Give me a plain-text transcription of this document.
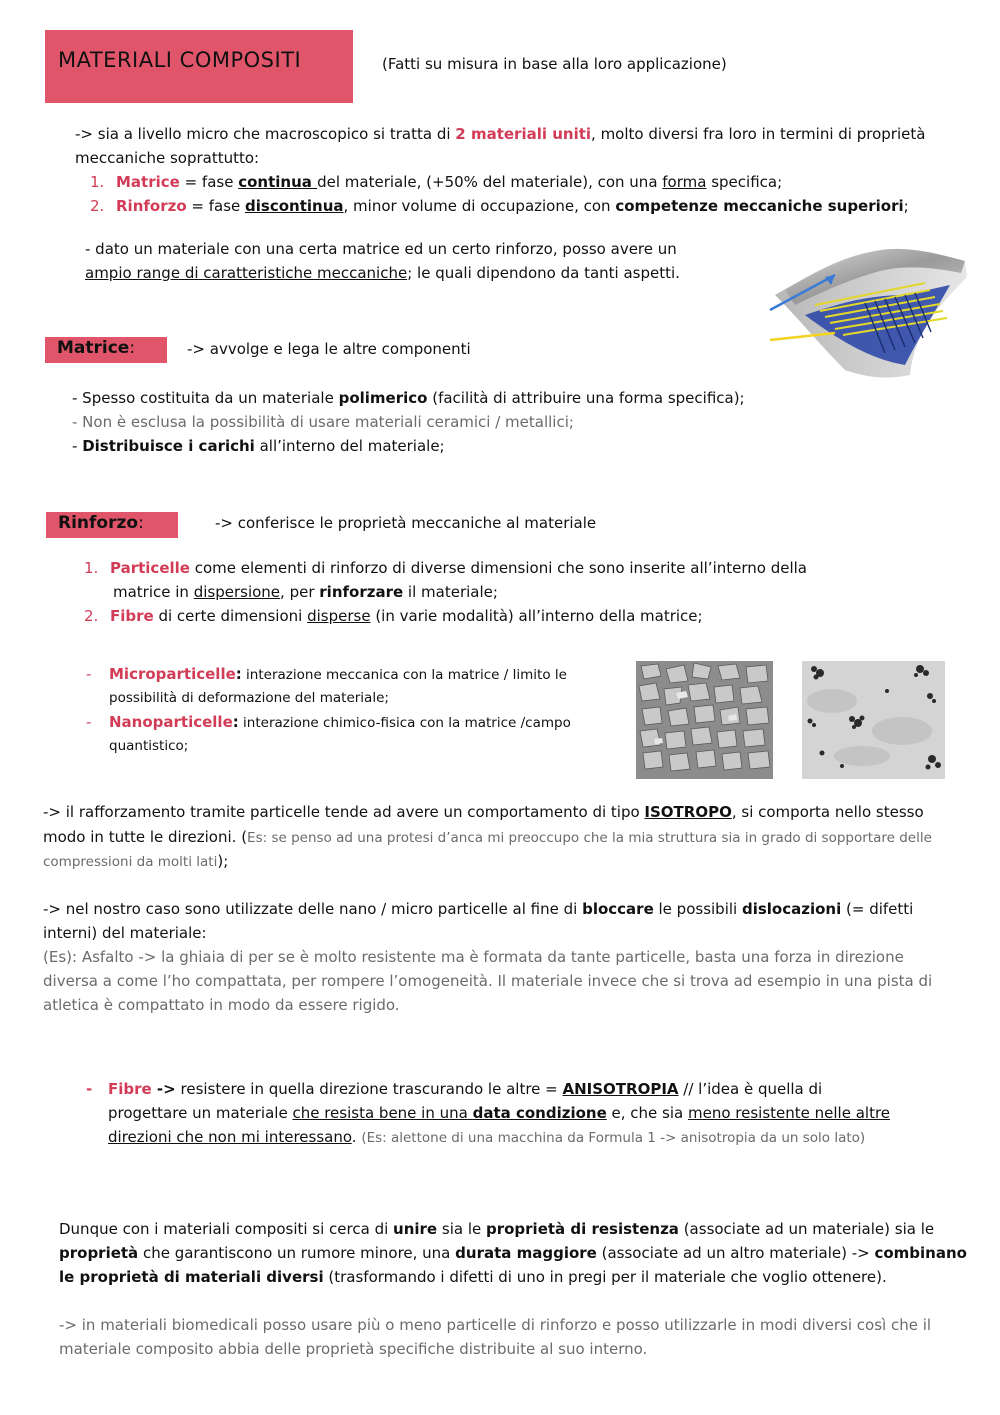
MATERIALI COMPOSITI	(Fatti su misura in base alla loro applicazione)
-> sia a livello micro che macroscopico si tratta di 2 materiali uniti, molto diversi fra loro in termini di proprietà
meccaniche soprattutto:
1. Matrice = fase continua del materiale, (+50% del materiale), con una forma specifica;
2. Rinforzo = fase discontinua, minor volume di occupazione, con competenze meccaniche superiori;
- dato un materiale con una certa matrice ed un certo rinforzo, posso avere un
ampio range di caratteristiche meccaniche; le quali dipendono da tanti aspetti.
Matrice:	-> avvolge e lega le altre componenti
- Spesso costituita da un materiale polimerico (facilità di attribuire una forma specifica);
- Non è esclusa la possibilità di usare materiali ceramici / metallici;
- Distribuisce i carichi all’interno del materiale;
Rinforzo:	-> conferisce le proprietà meccaniche al materiale
1. Particelle come elementi di rinforzo di diverse dimensioni che sono inserite all’interno della
matrice in dispersione, per rinforzare il materiale;
2. Fibre di certe dimensioni disperse (in varie modalità) all’interno della matrice;
- Microparticelle: interazione meccanica con la matrice / limito le
possibilità di deformazione del materiale;
- Nanoparticelle: interazione chimico-fisica con la matrice /campo
quantistico;
-> il rafforzamento tramite particelle tende ad avere un comportamento di tipo ISOTROPO, si comporta nello stesso
modo in tutte le direzioni. (Es: se penso ad una protesi d’anca mi preoccupo che la mia struttura sia in grado di sopportare delle
compressioni da molti lati);
-> nel nostro caso sono utilizzate delle nano / micro particelle al fine di bloccare le possibili dislocazioni (= difetti
interni) del materiale:
(Es): Asfalto -> la ghiaia di per se è molto resistente ma è formata da tante particelle, basta una forza in direzione
diversa a come l’ho compattata, per rompere l’omogeneità. Il materiale invece che si trova ad esempio in una pista di
atletica è compattato in modo da essere rigido.
- Fibre -> resistere in quella direzione trascurando le altre = ANISOTROPIA // l’idea è quella di
progettare un materiale che resista bene in una data condizione e, che sia meno resistente nelle altre
direzioni che non mi interessano. (Es: alettone di una macchina da Formula 1 -> anisotropia da un solo lato)
Dunque con i materiali compositi si cerca di unire sia le proprietà di resistenza (associate ad un materiale) sia le
proprietà che garantiscono un rumore minore, una durata maggiore (associate ad un altro materiale) -> combinano
le proprietà di materiali diversi (trasformando i difetti di uno in pregi per il materiale che voglio ottenere).
-> in materiali biomedicali posso usare più o meno particelle di rinforzo e posso utilizzarle in modi diversi così che il
materiale composito abbia delle proprietà specifiche distribuite al suo interno.
